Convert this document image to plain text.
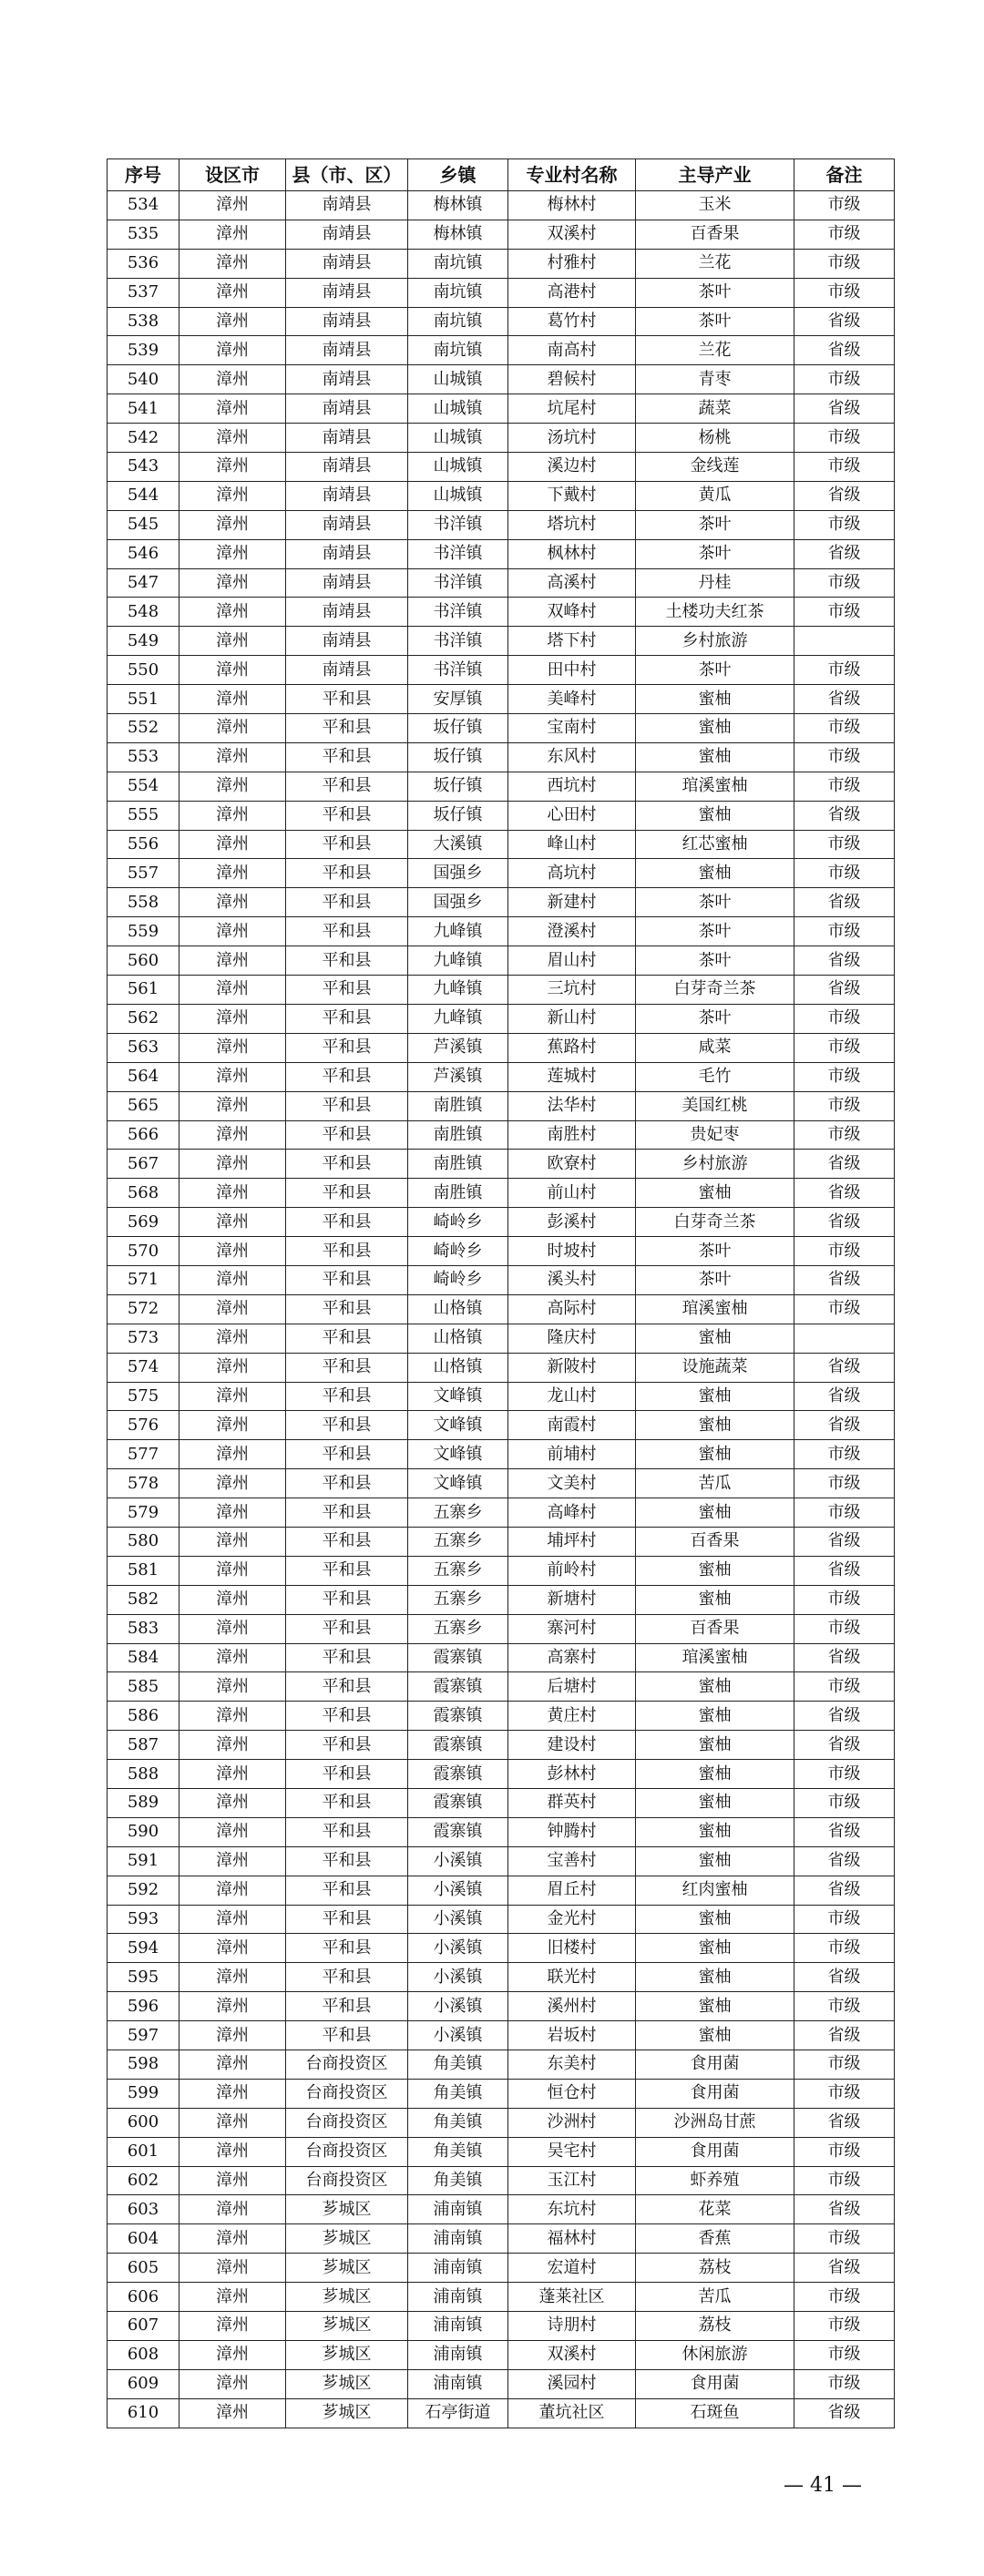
序号	设区市	县（市、区）	乡镇	专业村名称	主导产业	备注
534	漳州	南靖县	梅林镇	梅林村	玉米	市级
535	漳州	南靖县	梅林镇	双溪村	百香果	市级
536	漳州	南靖县	南坑镇	村雅村	兰花	市级
537	漳州	南靖县	南坑镇	高港村	茶叶	市级
538	漳州	南靖县	南坑镇	葛竹村	茶叶	省级
539	漳州	南靖县	南坑镇	南高村	兰花	省级
540	漳州	南靖县	山城镇	碧候村	青枣	市级
541	漳州	南靖县	山城镇	坑尾村	蔬菜	省级
542	漳州	南靖县	山城镇	汤坑村	杨桃	市级
543	漳州	南靖县	山城镇	溪边村	金线莲	市级
544	漳州	南靖县	山城镇	下戴村	黄瓜	省级
545	漳州	南靖县	书洋镇	塔坑村	茶叶	市级
546	漳州	南靖县	书洋镇	枫林村	茶叶	省级
547	漳州	南靖县	书洋镇	高溪村	丹桂	市级
548	漳州	南靖县	书洋镇	双峰村	土楼功夫红茶	市级
549	漳州	南靖县	书洋镇	塔下村	乡村旅游	
550	漳州	南靖县	书洋镇	田中村	茶叶	市级
551	漳州	平和县	安厚镇	美峰村	蜜柚	省级
552	漳州	平和县	坂仔镇	宝南村	蜜柚	市级
553	漳州	平和县	坂仔镇	东风村	蜜柚	市级
554	漳州	平和县	坂仔镇	西坑村	琯溪蜜柚	市级
555	漳州	平和县	坂仔镇	心田村	蜜柚	省级
556	漳州	平和县	大溪镇	峰山村	红芯蜜柚	市级
557	漳州	平和县	国强乡	高坑村	蜜柚	市级
558	漳州	平和县	国强乡	新建村	茶叶	省级
559	漳州	平和县	九峰镇	澄溪村	茶叶	市级
560	漳州	平和县	九峰镇	眉山村	茶叶	省级
561	漳州	平和县	九峰镇	三坑村	白芽奇兰茶	省级
562	漳州	平和县	九峰镇	新山村	茶叶	市级
563	漳州	平和县	芦溪镇	蕉路村	咸菜	市级
564	漳州	平和县	芦溪镇	莲城村	毛竹	市级
565	漳州	平和县	南胜镇	法华村	美国红桃	市级
566	漳州	平和县	南胜镇	南胜村	贵妃枣	市级
567	漳州	平和县	南胜镇	欧寮村	乡村旅游	省级
568	漳州	平和县	南胜镇	前山村	蜜柚	省级
569	漳州	平和县	崎岭乡	彭溪村	白芽奇兰茶	省级
570	漳州	平和县	崎岭乡	时坡村	茶叶	市级
571	漳州	平和县	崎岭乡	溪头村	茶叶	省级
572	漳州	平和县	山格镇	高际村	琯溪蜜柚	市级
573	漳州	平和县	山格镇	隆庆村	蜜柚	
574	漳州	平和县	山格镇	新陂村	设施蔬菜	省级
575	漳州	平和县	文峰镇	龙山村	蜜柚	省级
576	漳州	平和县	文峰镇	南霞村	蜜柚	省级
577	漳州	平和县	文峰镇	前埔村	蜜柚	市级
578	漳州	平和县	文峰镇	文美村	苦瓜	市级
579	漳州	平和县	五寨乡	高峰村	蜜柚	市级
580	漳州	平和县	五寨乡	埔坪村	百香果	省级
581	漳州	平和县	五寨乡	前岭村	蜜柚	省级
582	漳州	平和县	五寨乡	新塘村	蜜柚	市级
583	漳州	平和县	五寨乡	寨河村	百香果	市级
584	漳州	平和县	霞寨镇	高寨村	琯溪蜜柚	省级
585	漳州	平和县	霞寨镇	后塘村	蜜柚	市级
586	漳州	平和县	霞寨镇	黄庄村	蜜柚	省级
587	漳州	平和县	霞寨镇	建设村	蜜柚	省级
588	漳州	平和县	霞寨镇	彭林村	蜜柚	市级
589	漳州	平和县	霞寨镇	群英村	蜜柚	市级
590	漳州	平和县	霞寨镇	钟腾村	蜜柚	省级
591	漳州	平和县	小溪镇	宝善村	蜜柚	省级
592	漳州	平和县	小溪镇	眉丘村	红肉蜜柚	省级
593	漳州	平和县	小溪镇	金光村	蜜柚	市级
594	漳州	平和县	小溪镇	旧楼村	蜜柚	市级
595	漳州	平和县	小溪镇	联光村	蜜柚	省级
596	漳州	平和县	小溪镇	溪州村	蜜柚	市级
597	漳州	平和县	小溪镇	岩坂村	蜜柚	省级
598	漳州	台商投资区	角美镇	东美村	食用菌	市级
599	漳州	台商投资区	角美镇	恒仓村	食用菌	市级
600	漳州	台商投资区	角美镇	沙洲村	沙洲岛甘蔗	省级
601	漳州	台商投资区	角美镇	吴宅村	食用菌	市级
602	漳州	台商投资区	角美镇	玉江村	虾养殖	市级
603	漳州	芗城区	浦南镇	东坑村	花菜	省级
604	漳州	芗城区	浦南镇	福林村	香蕉	市级
605	漳州	芗城区	浦南镇	宏道村	荔枝	省级
606	漳州	芗城区	浦南镇	蓬莱社区	苦瓜	市级
607	漳州	芗城区	浦南镇	诗朋村	荔枝	市级
608	漳州	芗城区	浦南镇	双溪村	休闲旅游	市级
609	漳州	芗城区	浦南镇	溪园村	食用菌	市级
610	漳州	芗城区	石亭街道	董坑社区	石斑鱼	省级
— 41 —
